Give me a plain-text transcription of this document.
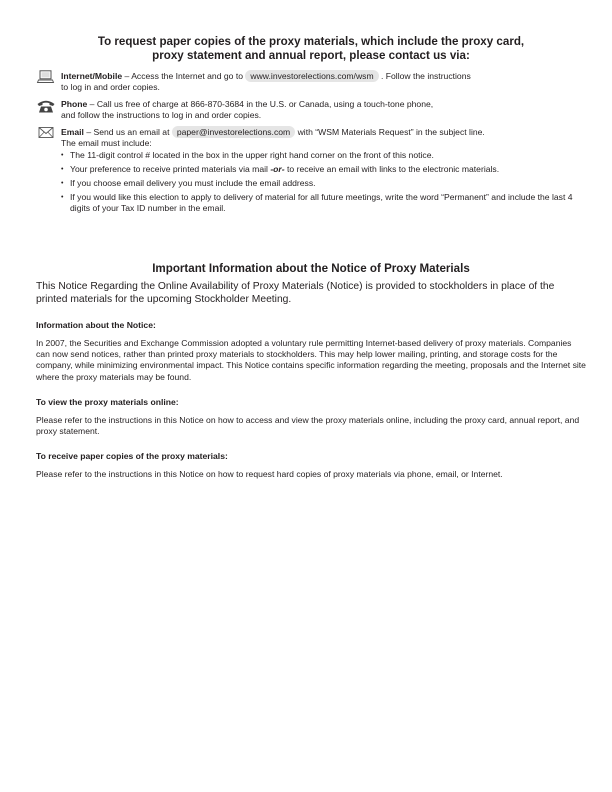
To request paper copies of the proxy materials, which include the proxy card,
proxy statement and annual report, please contact us via:
Internet/Mobile – Access the Internet and go to www.investorelections.com/wsm . Follow the instructions
to log in and order copies.
Phone – Call us free of charge at 866-870-3684 in the U.S. or Canada, using a touch-tone phone,
and follow the instructions to log in and order copies.
Email – Send us an email at paper@investorelections.com with “WSM Materials Request” in the subject line.
The email must include:
• The 11-digit control # located in the box in the upper right hand corner on the front of this notice.
• Your preference to receive printed materials via mail -or- to receive an email with links to the electronic materials.
• If you choose email delivery you must include the email address.
• If you would like this election to apply to delivery of material for all future meetings, write the word “Permanent” and include the last 4 digits of your Tax ID number in the email.
Important Information about the Notice of Proxy Materials
This Notice Regarding the Online Availability of Proxy Materials (Notice) is provided to stockholders in place of the printed materials for the upcoming Stockholder Meeting.
Information about the Notice:
In 2007, the Securities and Exchange Commission adopted a voluntary rule permitting Internet-based delivery of proxy materials. Companies can now send notices, rather than printed proxy materials to stockholders. This may help lower mailing, printing, and storage costs for the company, while minimizing environmental impact. This Notice contains specific information regarding the meeting, proposals and the Internet site where the proxy materials may be found.
To view the proxy materials online:
Please refer to the instructions in this Notice on how to access and view the proxy materials online, including the proxy card, annual report, and proxy statement.
To receive paper copies of the proxy materials:
Please refer to the instructions in this Notice on how to request hard copies of proxy materials via phone, email, or Internet.
